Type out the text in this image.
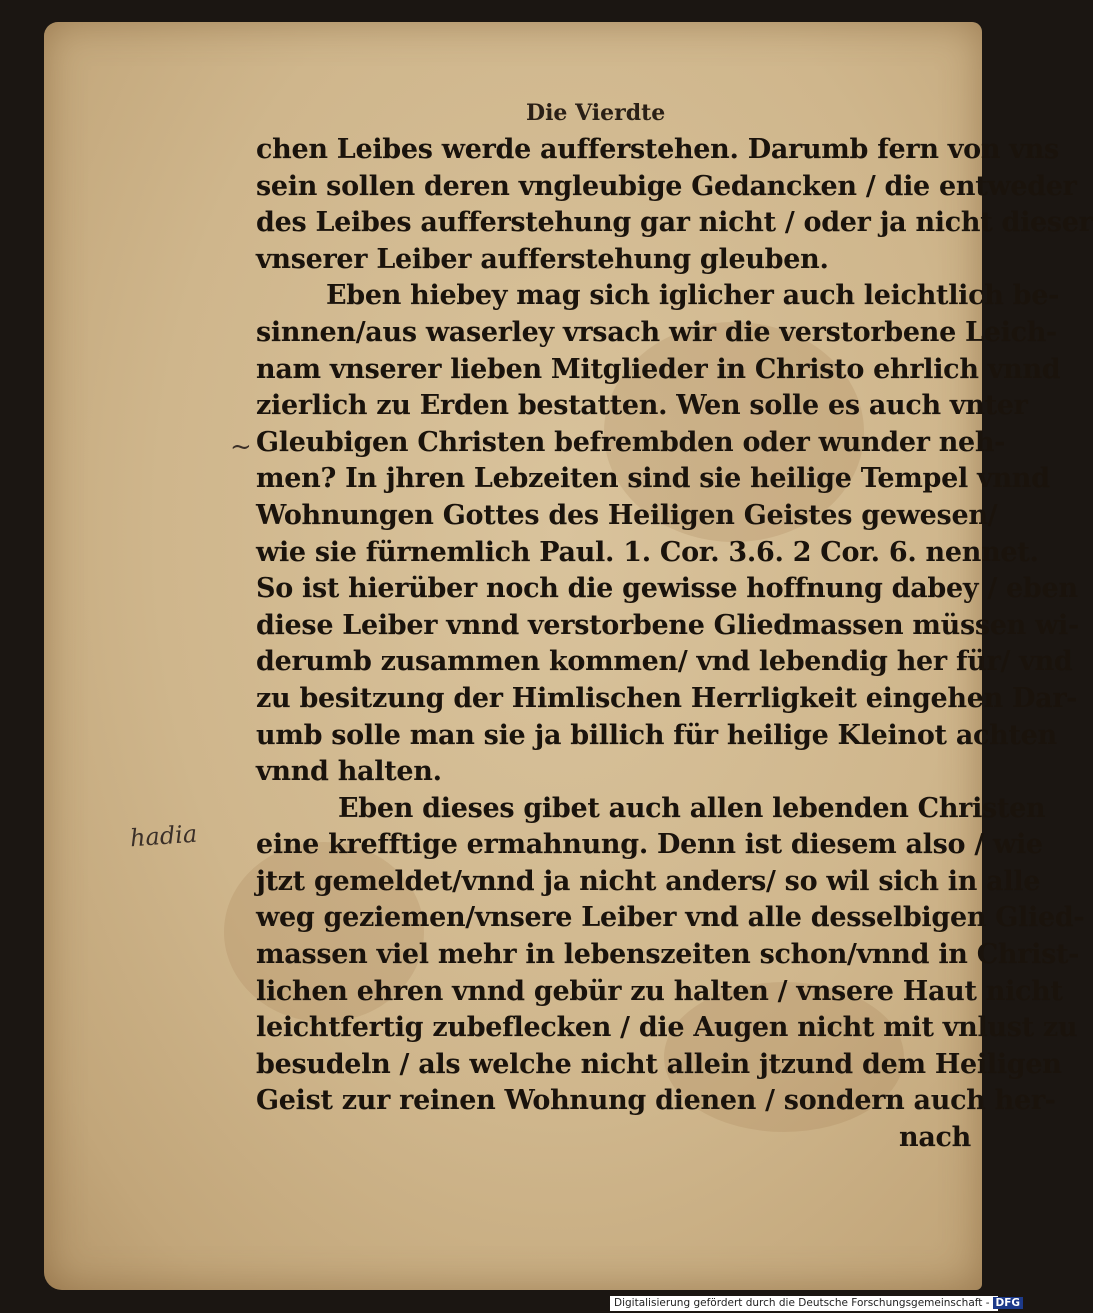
Die Vierdte
~
hadia
chen Leibes werde aufferstehen. Darumb fern von vns
sein sollen deren vngleubige Gedancken / die entweder
des Leibes aufferstehung gar nicht / oder ja nicht dieser
vnserer Leiber aufferstehung gleuben.
Eben hiebey mag sich iglicher auch leichtlich be-
sinnen/aus waserley vrsach wir die verstorbene Leich-
nam vnserer lieben Mitglieder in Christo ehrlich vnnd
zierlich zu Erden bestatten. Wen solle es auch vnter
Gleubigen Christen befrembden oder wunder neh-
men? In jhren Lebzeiten sind sie heilige Tempel vnnd
Wohnungen Gottes des Heiligen Geistes gewesen/
wie sie fürnemlich Paul. 1. Cor. 3.6. 2 Cor. 6. nennet.
So ist hierüber noch die gewisse hoffnung dabey / eben
diese Leiber vnnd verstorbene Gliedmassen müssen wi-
derumb zusammen kommen/ vnd lebendig her für/ vnd
zu besitzung der Himlischen Herrligkeit eingehen Dar-
umb solle man sie ja billich für heilige Kleinot achten
vnnd halten.
Eben dieses gibet auch allen lebenden Christen
eine krefftige ermahnung. Denn ist diesem also / wie
jtzt gemeldet/vnnd ja nicht anders/ so wil sich in alle
weg geziemen/vnsere Leiber vnd alle desselbigen Glied-
massen viel mehr in lebenszeiten schon/vnnd in Christ-
lichen ehren vnnd gebür zu halten / vnsere Haut nicht
leichtfertig zubeflecken / die Augen nicht mit vnlust zu
besudeln / als welche nicht allein jtzund dem Heiligen
Geist zur reinen Wohnung dienen / sondern auch her-
nach
Digitalisierung gefördert durch die Deutsche Forschungsgemeinschaft - DFG
